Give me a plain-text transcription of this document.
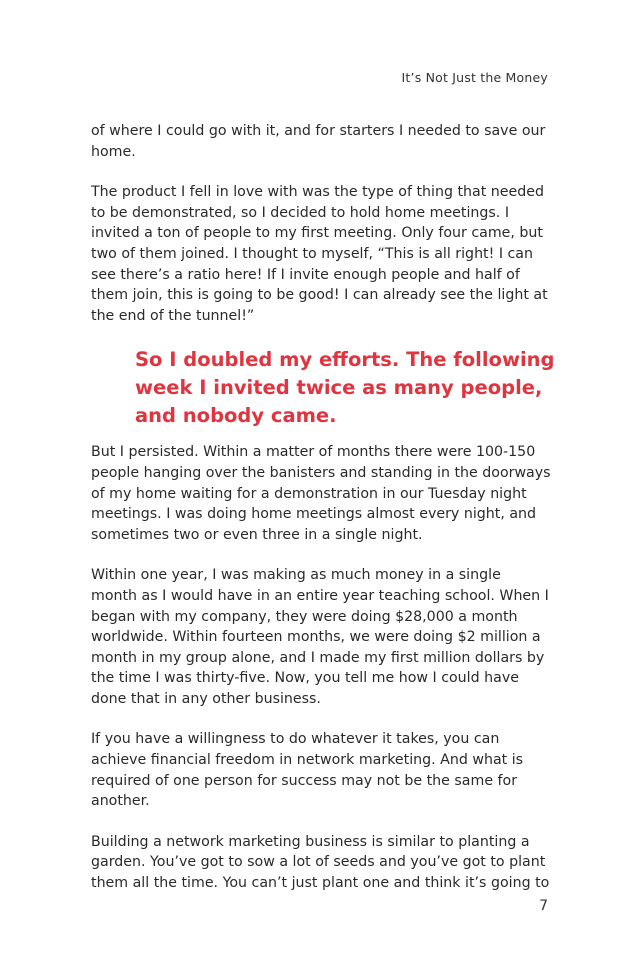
It’s Not Just the Money

of where I could go with it, and for starters I needed to save our home.

The product I fell in love with was the type of thing that needed to be demonstrated, so I decided to hold home meetings. I invited a ton of people to my first meeting. Only four came, but two of them joined. I thought to myself, “This is all right! I can see there’s a ratio here! If I invite enough people and half of them join, this is going to be good! I can already see the light at the end of the tunnel!”

So I doubled my efforts. The following week I invited twice as many people, and nobody came.

But I persisted. Within a matter of months there were 100-150 people hanging over the banisters and standing in the doorways of my home waiting for a demonstration in our Tuesday night meetings. I was doing home meetings almost every night, and sometimes two or even three in a single night.

Within one year, I was making as much money in a single month as I would have in an entire year teaching school. When I began with my company, they were doing $28,000 a month worldwide. Within fourteen months, we were doing $2 million a month in my group alone, and I made my first million dollars by the time I was thirty-five. Now, you tell me how I could have done that in any other business.

If you have a willingness to do whatever it takes, you can achieve financial freedom in network marketing. And what is required of one person for success may not be the same for another.

Building a network marketing business is similar to planting a garden. You’ve got to sow a lot of seeds and you’ve got to plant them all the time. You can’t just plant one and think it’s going to

7
